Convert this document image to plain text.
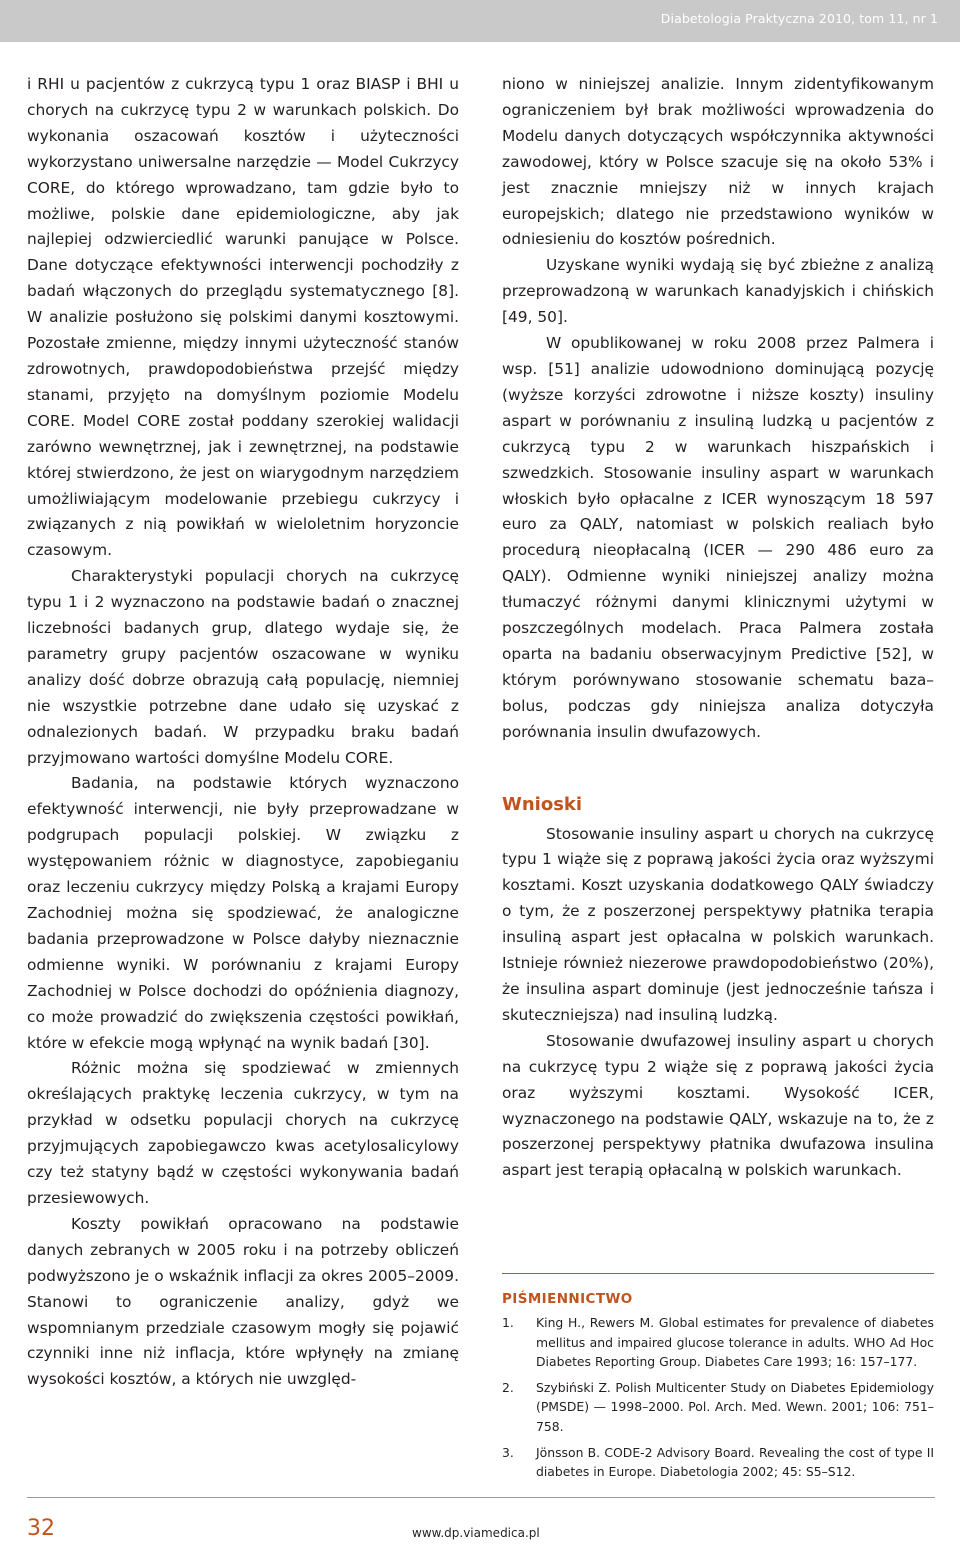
Diabetologia Praktyczna 2010, tom 11, nr 1

i RHI u pacjentów z cukrzycą typu 1 oraz BIASP i BHI u chorych na cukrzycę typu 2 w warunkach polskich. Do wykonania oszacowań kosztów i użyteczności wykorzystano uniwersalne narzędzie — Model Cukrzycy CORE, do którego wprowadzano, tam gdzie było to możliwe, polskie dane epidemiologiczne, aby jak najlepiej odzwierciedlić warunki panujące w Polsce. Dane dotyczące efektywności interwencji pochodziły z badań włączonych do przeglądu systematycznego [8]. W analizie posłużono się polskimi danymi kosztowymi. Pozostałe zmienne, między innymi użyteczność stanów zdrowotnych, prawdopodobieństwa przejść między stanami, przyjęto na domyślnym poziomie Modelu CORE. Model CORE został poddany szerokiej walidacji zarówno wewnętrznej, jak i zewnętrznej, na podstawie której stwierdzono, że jest on wiarygodnym narzędziem umożliwiającym modelowanie przebiegu cukrzycy i związanych z nią powikłań w wieloletnim horyzoncie czasowym.

Charakterystyki populacji chorych na cukrzycę typu 1 i 2 wyznaczono na podstawie badań o znacznej liczebności badanych grup, dlatego wydaje się, że parametry grupy pacjentów oszacowane w wyniku analizy dość dobrze obrazują całą populację, niemniej nie wszystkie potrzebne dane udało się uzyskać z odnalezionych badań. W przypadku braku badań przyjmowano wartości domyślne Modelu CORE.

Badania, na podstawie których wyznaczono efektywność interwencji, nie były przeprowadzane w podgrupach populacji polskiej. W związku z występowaniem różnic w diagnostyce, zapobieganiu oraz leczeniu cukrzycy między Polską a krajami Europy Zachodniej można się spodziewać, że analogiczne badania przeprowadzone w Polsce dałyby nieznacznie odmienne wyniki. W porównaniu z krajami Europy Zachodniej w Polsce dochodzi do opóźnienia diagnozy, co może prowadzić do zwiększenia częstości powikłań, które w efekcie mogą wpłynąć na wynik badań [30].

Różnic można się spodziewać w zmiennych określających praktykę leczenia cukrzycy, w tym na przykład w odsetku populacji chorych na cukrzycę przyjmujących zapobiegawczo kwas acetylosalicylowy czy też statyny bądź w częstości wykonywania badań przesiewowych.

Koszty powikłań opracowano na podstawie danych zebranych w 2005 roku i na potrzeby obliczeń podwyższono je o wskaźnik inflacji za okres 2005–2009. Stanowi to ograniczenie analizy, gdyż we wspomnianym przedziale czasowym mogły się pojawić czynniki inne niż inflacja, które wpłynęły na zmianę wysokości kosztów, a których nie uwzględ-

niono w niniejszej analizie. Innym zidentyfikowanym ograniczeniem był brak możliwości wprowadzenia do Modelu danych dotyczących współczynnika aktywności zawodowej, który w Polsce szacuje się na około 53% i jest znacznie mniejszy niż w innych krajach europejskich; dlatego nie przedstawiono wyników w odniesieniu do kosztów pośrednich.

Uzyskane wyniki wydają się być zbieżne z analizą przeprowadzoną w warunkach kanadyjskich i chińskich [49, 50].

W opublikowanej w roku 2008 przez Palmera i wsp. [51] analizie udowodniono dominującą pozycję (wyższe korzyści zdrowotne i niższe koszty) insuliny aspart w porównaniu z insuliną ludzką u pacjentów z cukrzycą typu 2 w warunkach hiszpańskich i szwedzkich. Stosowanie insuliny aspart w warunkach włoskich było opłacalne z ICER wynoszącym 18 597 euro za QALY, natomiast w polskich realiach było procedurą nieopłacalną (ICER — 290 486 euro za QALY). Odmienne wyniki niniejszej analizy można tłumaczyć różnymi danymi klinicznymi użytymi w poszczególnych modelach. Praca Palmera została oparta na badaniu obserwacyjnym Predictive [52], w którym porównywano stosowanie schematu baza–bolus, podczas gdy niniejsza analiza dotyczyła porównania insulin dwufazowych.

Wnioski

Stosowanie insuliny aspart u chorych na cukrzycę typu 1 wiąże się z poprawą jakości życia oraz wyższymi kosztami. Koszt uzyskania dodatkowego QALY świadczy o tym, że z poszerzonej perspektywy płatnika terapia insuliną aspart jest opłacalna w polskich warunkach. Istnieje również niezerowe prawdopodobieństwo (20%), że insulina aspart dominuje (jest jednocześnie tańsza i skuteczniejsza) nad insuliną ludzką.

Stosowanie dwufazowej insuliny aspart u chorych na cukrzycę typu 2 wiąże się z poprawą jakości życia oraz wyższymi kosztami. Wysokość ICER, wyznaczonego na podstawie QALY, wskazuje na to, że z poszerzonej perspektywy płatnika dwufazowa insulina aspart jest terapią opłacalną w polskich warunkach.

PIŚMIENNICTWO
1.	King H., Rewers M. Global estimates for prevalence of diabetes mellitus and impaired glucose tolerance in adults. WHO Ad Hoc Diabetes Reporting Group. Diabetes Care 1993; 16: 157–177.
2.	Szybiński Z. Polish Multicenter Study on Diabetes Epidemiology (PMSDE) — 1998–2000. Pol. Arch. Med. Wewn. 2001; 106: 751–758.
3.	Jönsson B. CODE-2 Advisory Board. Revealing the cost of type II diabetes in Europe. Diabetologia 2002; 45: S5–S12.
32	www.dp.viamedica.pl
